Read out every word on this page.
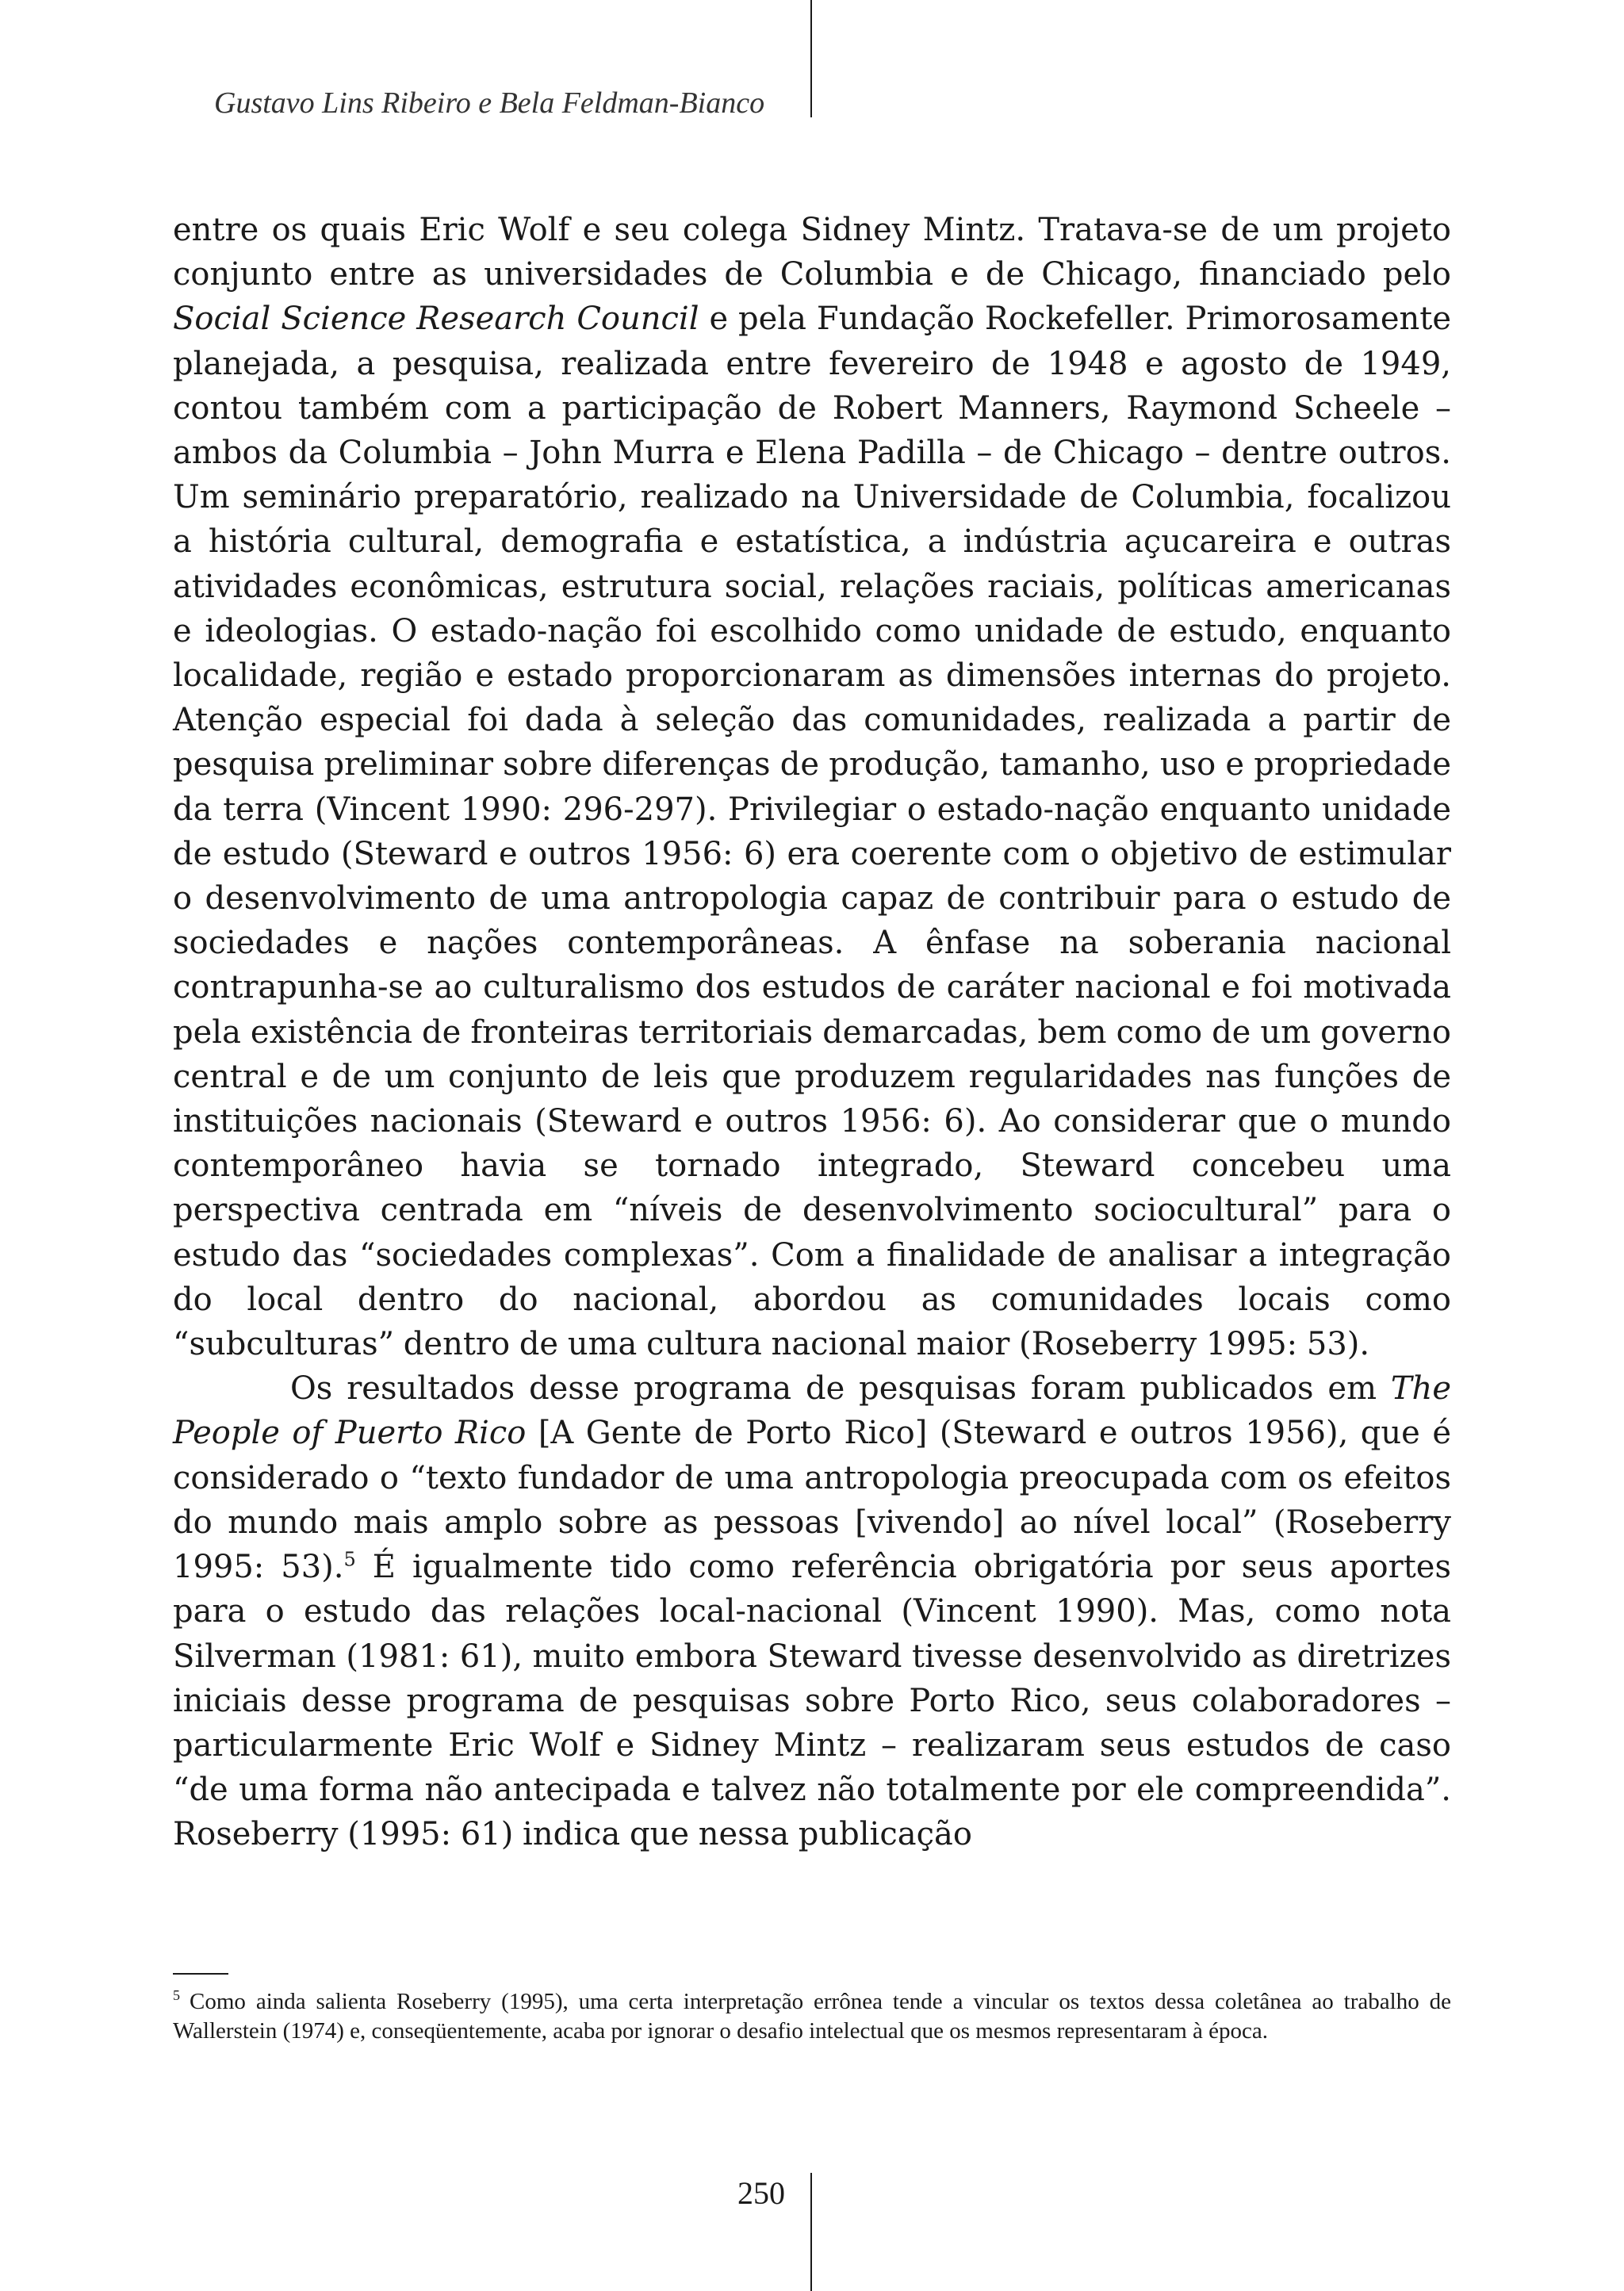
Gustavo Lins Ribeiro e Bela Feldman-Bianco

entre os quais Eric Wolf e seu colega Sidney Mintz. Tratava-se de um projeto conjunto entre as universidades de Columbia e de Chicago, financiado pelo Social Science Research Council e pela Fundação Rockefeller. Primorosamente planejada, a pesquisa, realizada entre fevereiro de 1948 e agosto de 1949, contou também com a participação de Robert Manners, Raymond Scheele – ambos da Columbia – John Murra e Elena Padilla – de Chicago – dentre outros. Um seminário preparatório, realizado na Universidade de Columbia, focalizou a história cultural, demografia e estatística, a indústria açucareira e outras atividades econômicas, estrutura social, relações raciais, políticas americanas e ideologias. O estado-nação foi escolhido como unidade de estudo, enquanto localidade, região e estado proporcionaram as dimensões internas do projeto. Atenção especial foi dada à seleção das comunidades, realizada a partir de pesquisa preliminar sobre diferenças de produção, tamanho, uso e propriedade da terra (Vincent 1990: 296-297). Privilegiar o estado-nação enquanto unidade de estudo (Steward e outros 1956: 6) era coerente com o objetivo de estimular o desenvolvimento de uma antropologia capaz de contribuir para o estudo de sociedades e nações contemporâneas. A ênfase na soberania nacional contrapunha-se ao culturalismo dos estudos de caráter nacional e foi motivada pela existência de fronteiras territoriais demarcadas, bem como de um governo central e de um conjunto de leis que produzem regularidades nas funções de instituições nacionais (Steward e outros 1956: 6). Ao considerar que o mundo contemporâneo havia se tornado integrado, Steward concebeu uma perspectiva centrada em “níveis de desenvolvimento sociocultural” para o estudo das “sociedades complexas”. Com a finalidade de analisar a integração do local dentro do nacional, abordou as comunidades locais como “subculturas” dentro de uma cultura nacional maior (Roseberry 1995: 53).

Os resultados desse programa de pesquisas foram publicados em The People of Puerto Rico [A Gente de Porto Rico] (Steward e outros 1956), que é considerado o “texto fundador de uma antropologia preocupada com os efeitos do mundo mais amplo sobre as pessoas [vivendo] ao nível local” (Roseberry 1995: 53).$^5$ É igualmente tido como referência obrigatória por seus aportes para o estudo das relações local-nacional (Vincent 1990). Mas, como nota Silverman (1981: 61), muito embora Steward tivesse desenvolvido as diretrizes iniciais desse programa de pesquisas sobre Porto Rico, seus colaboradores – particularmente Eric Wolf e Sidney Mintz – realizaram seus estudos de caso “de uma forma não antecipada e talvez não totalmente por ele compreendida”. Roseberry (1995: 61) indica que nessa publicação

$^5$ Como ainda salienta Roseberry (1995), uma certa interpretação errônea tende a vincular os textos dessa coletânea ao trabalho de Wallerstein (1974) e, conseqüentemente, acaba por ignorar o desafio intelectual que os mesmos representaram à época.
250
